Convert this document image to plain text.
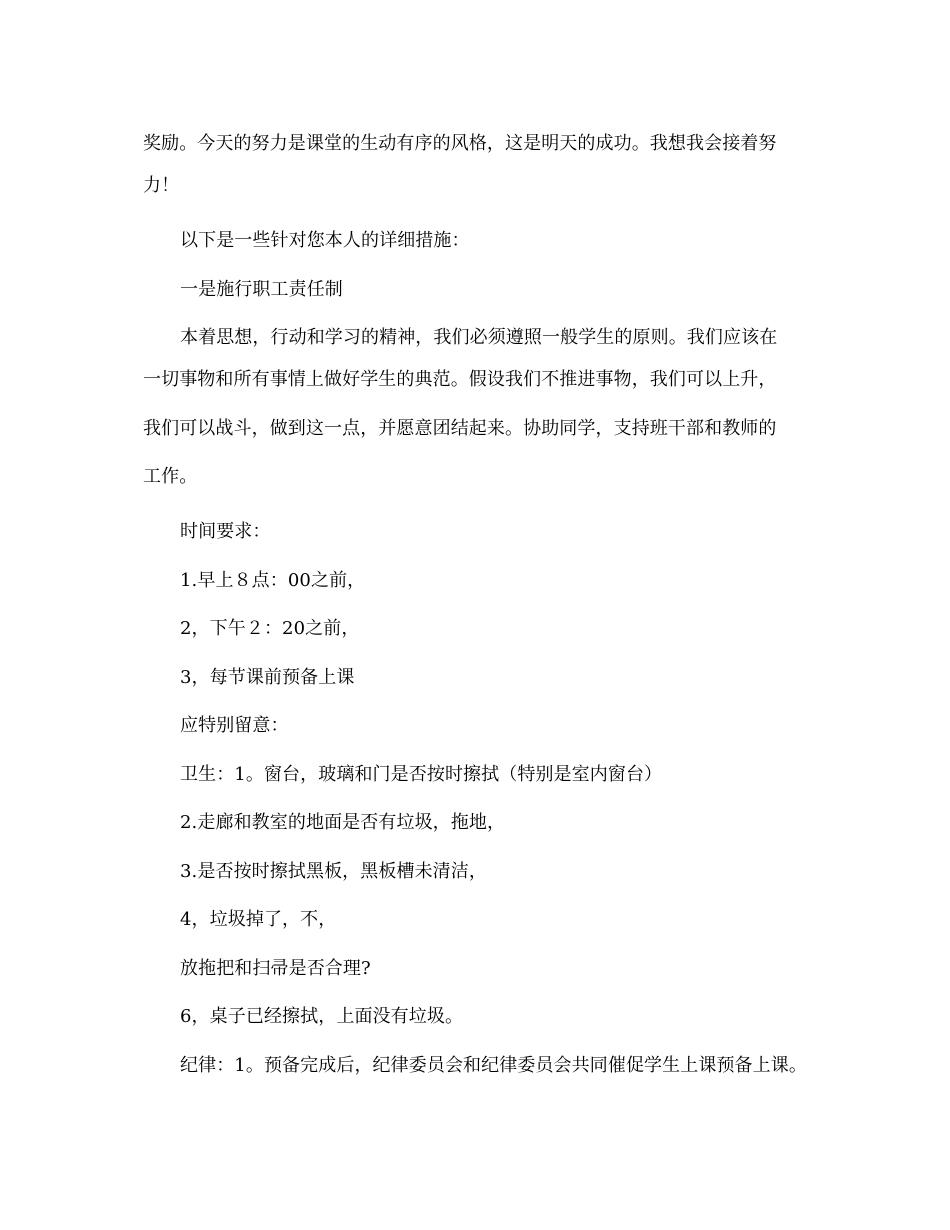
奖励。今天的努力是课堂的生动有序的风格，这是明天的成功。我想我会接着努
力！
以下是一些针对您本人的详细措施：
一是施行职工责任制
本着思想，行动和学习的精神，我们必须遵照一般学生的原则。我们应该在
一切事物和所有事情上做好学生的典范。假设我们不推进事物，我们可以上升，
我们可以战斗，做到这一点，并愿意团结起来。协助同学，支持班干部和教师的
工作。
时间要求：
1.早上８点：00之前，
2，下午２：20之前，
3，每节课前预备上课
应特别留意：
卫生：1。窗台，玻璃和门是否按时擦拭（特别是室内窗台）
2.走廊和教室的地面是否有垃圾，拖地，
3.是否按时擦拭黑板，黑板槽未清洁，
4，垃圾掉了，不，
放拖把和扫帚是否合理?
6，桌子已经擦拭，上面没有垃圾。
纪律：1。预备完成后，纪律委员会和纪律委员会共同催促学生上课预备上课。
